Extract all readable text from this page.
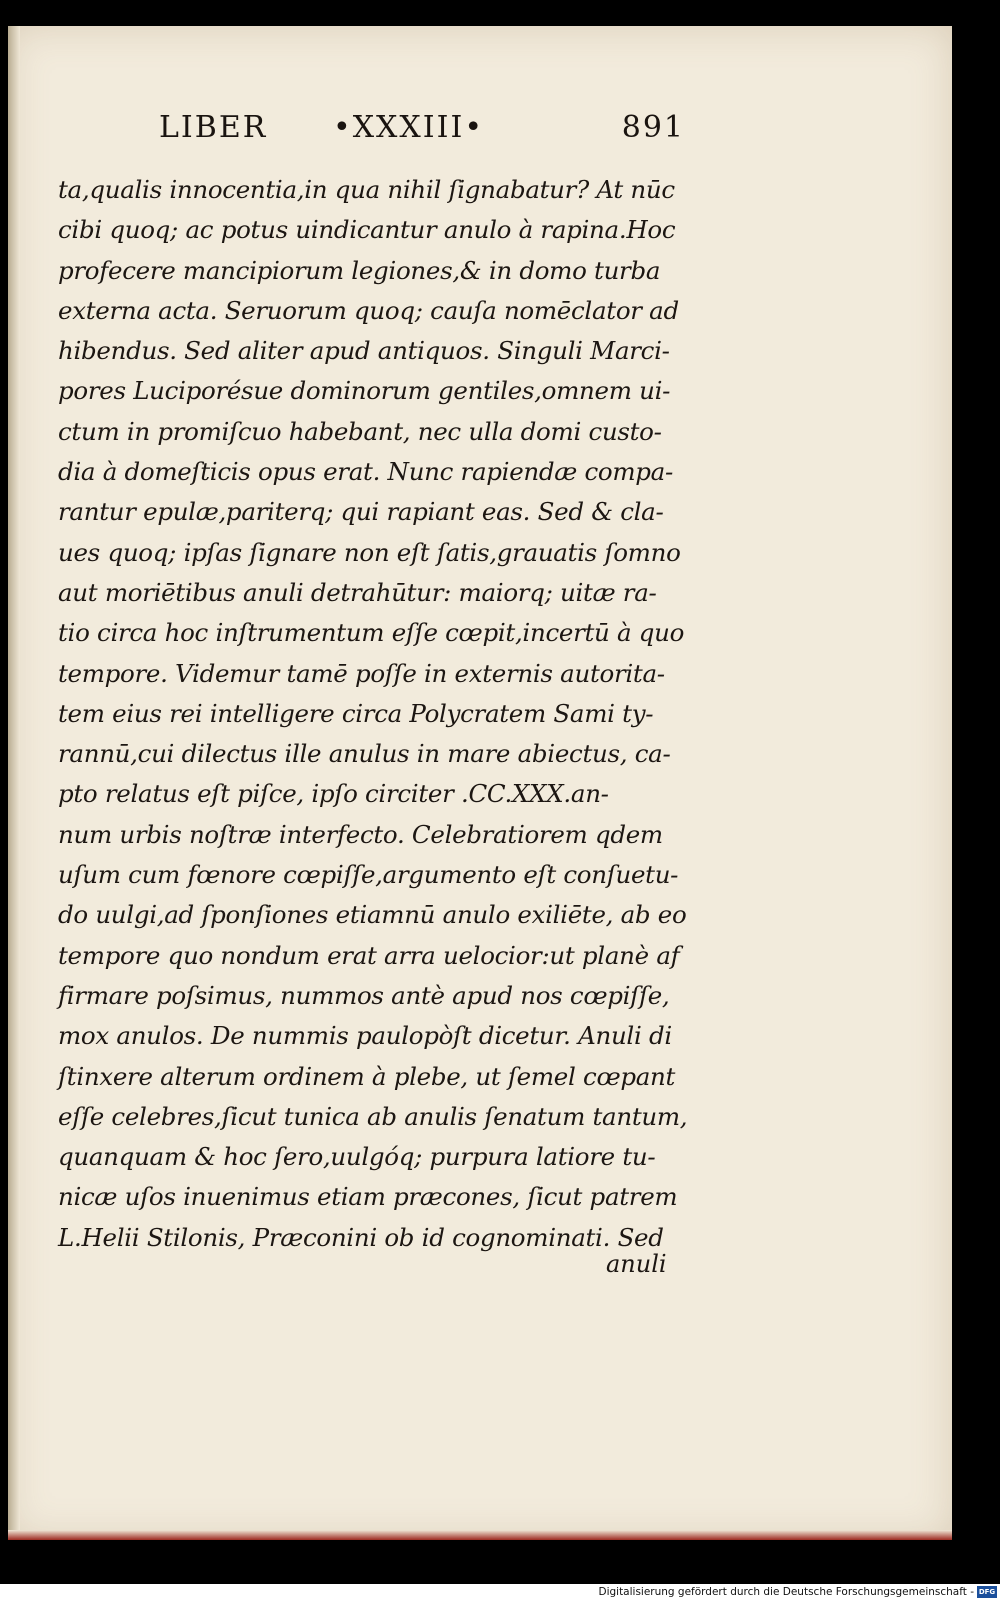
LIBER •XXXIII•	891
ta,qualis innocentia,in qua nihil ſignabatur? At nūc
cibi quoq; ac potus uindicantur anulo à rapina.Hoc
profecere mancipiorum legiones,& in domo turba
externa acta. Seruorum quoq; cauſa nomēclator ad
hibendus. Sed aliter apud antiquos. Singuli Marci-
pores Luciporésue dominorum gentiles,omnem ui-
ctum in promiſcuo habebant, nec ulla domi custo-
dia à domeſticis opus erat. Nunc rapiendæ compa-
rantur epulæ,pariterq; qui rapiant eas. Sed & cla-
ues quoq; ipſas ſignare non eſt ſatis,grauatis ſomno
aut moriētibus anuli detrahūtur: maiorq; uitæ ra-
tio circa hoc inſtrumentum eſſe cœpit,incertū à quo
tempore. Videmur tamē poſſe in externis autorita-
tem eius rei intelligere circa Polycratem Sami ty-
rannū,cui dilectus ille anulus in mare abiectus, ca-
pto relatus eſt piſce, ipſo circiter .CC.XXX.an-
num urbis noſtræ interfecto. Celebratiorem qdem
uſum cum fœnore cœpiſſe,argumento eſt conſuetu-
do uulgi,ad ſponſiones etiamnū anulo exiliēte, ab eo
tempore quo nondum erat arra uelocior:ut planè af
firmare poſsimus, nummos antè apud nos cœpiſſe,
mox anulos. De nummis paulopòſt dicetur. Anuli di
ſtinxere alterum ordinem à plebe, ut ſemel cœpant
eſſe celebres,ſicut tunica ab anulis ſenatum tantum,
quanquam & hoc ſero,uulgóq; purpura latiore tu-
nicæ uſos inuenimus etiam præcones, ſicut patrem
L.Helii Stilonis, Præconini ob id cognominati. Sed
anuli
Digitalisierung gefördert durch die Deutsche Forschungsgemeinschaft - DFG
